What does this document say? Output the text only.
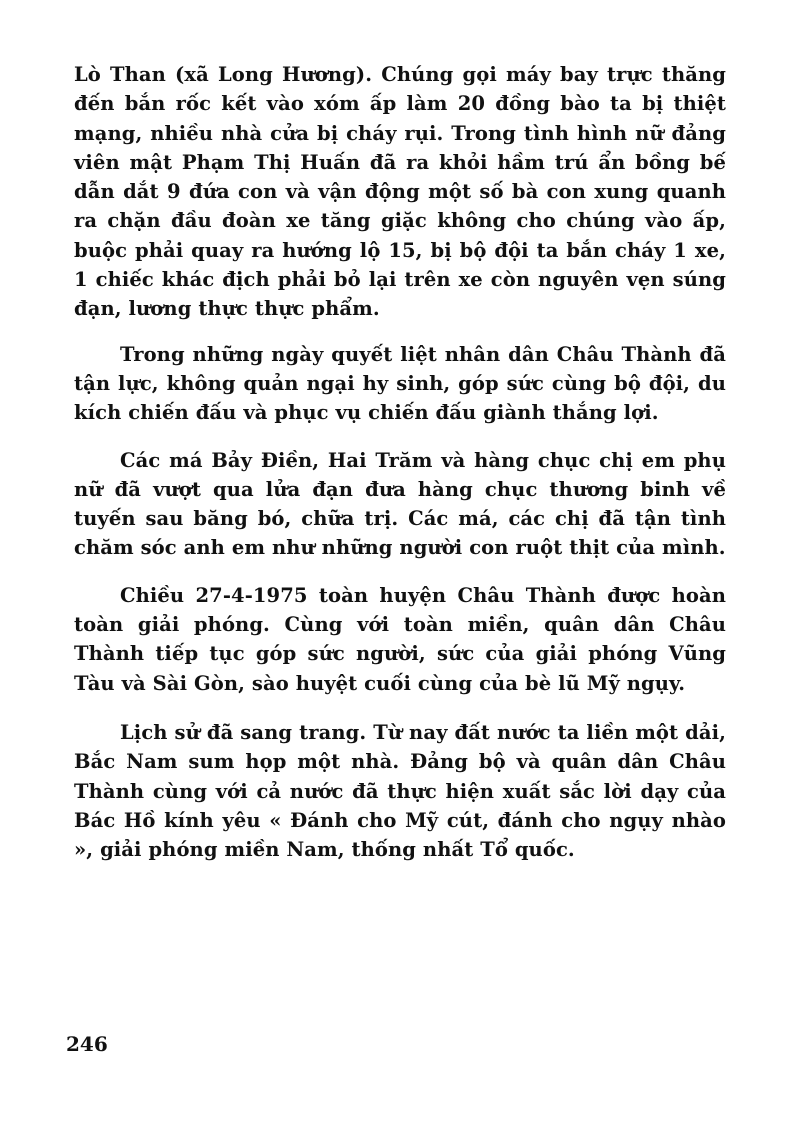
Lò Than (xã Long Hương). Chúng gọi máy bay trực thăng đến bắn rốc kết vào xóm ấp làm 20 đồng bào ta bị thiệt mạng, nhiều nhà cửa bị cháy rụi. Trong tình hình nữ đảng viên mật Phạm Thị Huấn đã ra khỏi hầm trú ẩn bồng bế dẫn dắt 9 đứa con và vận động một số bà con xung quanh ra chặn đầu đoàn xe tăng giặc không cho chúng vào ấp, buộc phải quay ra hướng lộ 15, bị bộ đội ta bắn cháy 1 xe, 1 chiếc khác địch phải bỏ lại trên xe còn nguyên vẹn súng đạn, lương thực thực phẩm.

Trong những ngày quyết liệt nhân dân Châu Thành đã tận lực, không quản ngại hy sinh, góp sức cùng bộ đội, du kích chiến đấu và phục vụ chiến đấu giành thắng lợi.

Các má Bảy Điền, Hai Trăm và hàng chục chị em phụ nữ đã vượt qua lửa đạn đưa hàng chục thương binh về tuyến sau băng bó, chữa trị. Các má, các chị đã tận tình chăm sóc anh em như những người con ruột thịt của mình.

Chiều 27-4-1975 toàn huyện Châu Thành được hoàn toàn giải phóng. Cùng với toàn miền, quân dân Châu Thành tiếp tục góp sức người, sức của giải phóng Vũng Tàu và Sài Gòn, sào huyệt cuối cùng của bè lũ Mỹ ngụy.

Lịch sử đã sang trang. Từ nay đất nước ta liền một dải, Bắc Nam sum họp một nhà. Đảng bộ và quân dân Châu Thành cùng với cả nước đã thực hiện xuất sắc lời dạy của Bác Hồ kính yêu « Đánh cho Mỹ cút, đánh cho ngụy nhào », giải phóng miền Nam, thống nhất Tổ quốc.

246
